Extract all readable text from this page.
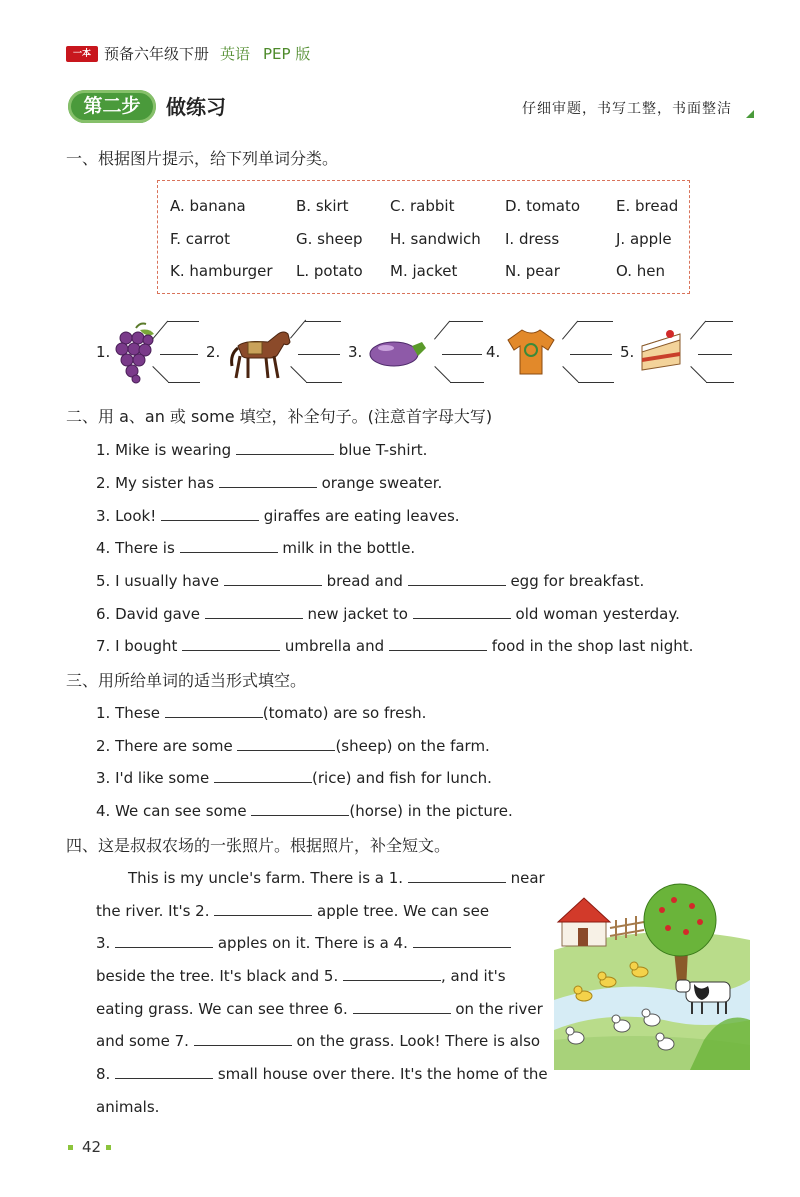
一本 预备六年级下册 英语 PEP 版
第二步	做练习	仔细审题，书写工整，书面整洁
一、根据图片提示，给下列单词分类。
A. banana	B. skirt	C. rabbit	D. tomato E. bread
F. carrot	G. sheep H. sandwich I. dress	J. apple
K. hamburger L. potato M. jacket	N. pear	O. hen
1.	2.	3.	4.	5.
二、用 a、an 或 some 填空，补全句子。(注意首字母大写)
1. Mike is wearing	blue T-shirt.
2. My sister has	orange sweater.
3. Look!	giraffes are eating leaves.
4. There is	milk in the bottle.
5. I usually have	bread and	egg for breakfast.
6. David gave	new jacket to	old woman yesterday.
7. I bought	umbrella and	food in the shop last night.
三、用所给单词的适当形式填空。
1. These	(tomato) are so fresh.
2. There are some	(sheep) on the farm.
3. I'd like some	(rice) and fish for lunch.
4. We can see some	(horse) in the picture.
四、这是叔叔农场的一张照片。根据照片，补全短文。
This is my uncle's farm. There is a 1.	near
the river. It's 2.	apple tree. We can see
3.	apples on it. There is a 4.
beside the tree. It's black and 5.	, and it's
eating grass. We can see three 6.	on the river
and some 7.	on the grass. Look! There is also
8.	small house over there. It's the home of the
animals.
42
